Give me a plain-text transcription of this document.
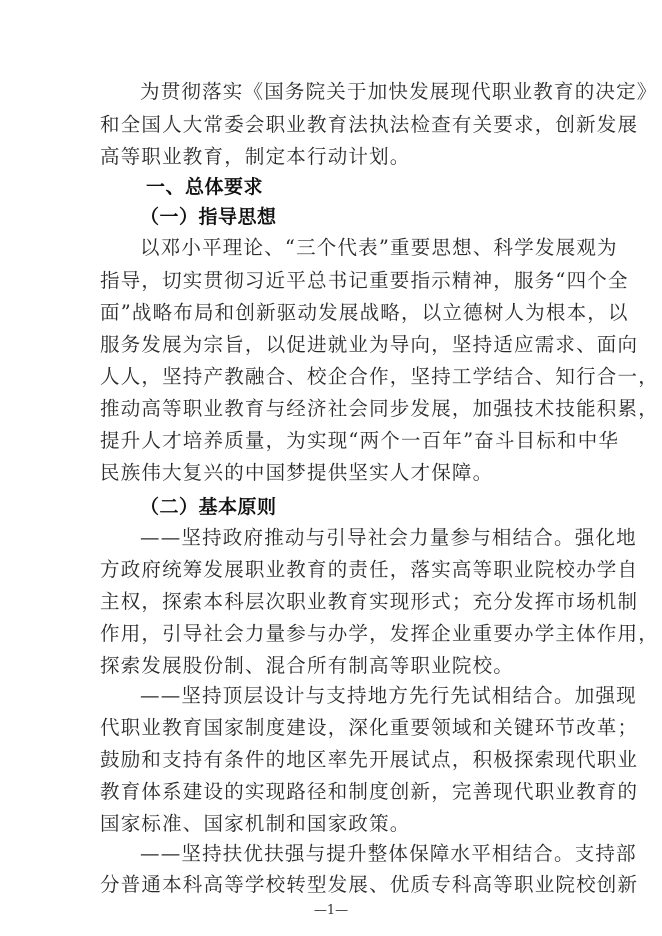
为贯彻落实《国务院关于加快发展现代职业教育的决定》
和全国人大常委会职业教育法执法检查有关要求，创新发展
高等职业教育，制定本行动计划。
一、总体要求
（一）指导思想
以邓小平理论、“三个代表”重要思想、科学发展观为
指导，切实贯彻习近平总书记重要指示精神，服务“四个全
面”战略布局和创新驱动发展战略，以立德树人为根本，以
服务发展为宗旨，以促进就业为导向，坚持适应需求、面向
人人，坚持产教融合、校企合作，坚持工学结合、知行合一，
推动高等职业教育与经济社会同步发展，加强技术技能积累，
提升人才培养质量，为实现“两个一百年”奋斗目标和中华
民族伟大复兴的中国梦提供坚实人才保障。
（二）基本原则
——坚持政府推动与引导社会力量参与相结合。强化地
方政府统筹发展职业教育的责任，落实高等职业院校办学自
主权，探索本科层次职业教育实现形式；充分发挥市场机制
作用，引导社会力量参与办学，发挥企业重要办学主体作用，
探索发展股份制、混合所有制高等职业院校。
——坚持顶层设计与支持地方先行先试相结合。加强现
代职业教育国家制度建设，深化重要领域和关键环节改革；
鼓励和支持有条件的地区率先开展试点，积极探索现代职业
教育体系建设的实现路径和制度创新，完善现代职业教育的
国家标准、国家机制和国家政策。
——坚持扶优扶强与提升整体保障水平相结合。支持部
分普通本科高等学校转型发展、优质专科高等职业院校创新
—1—
